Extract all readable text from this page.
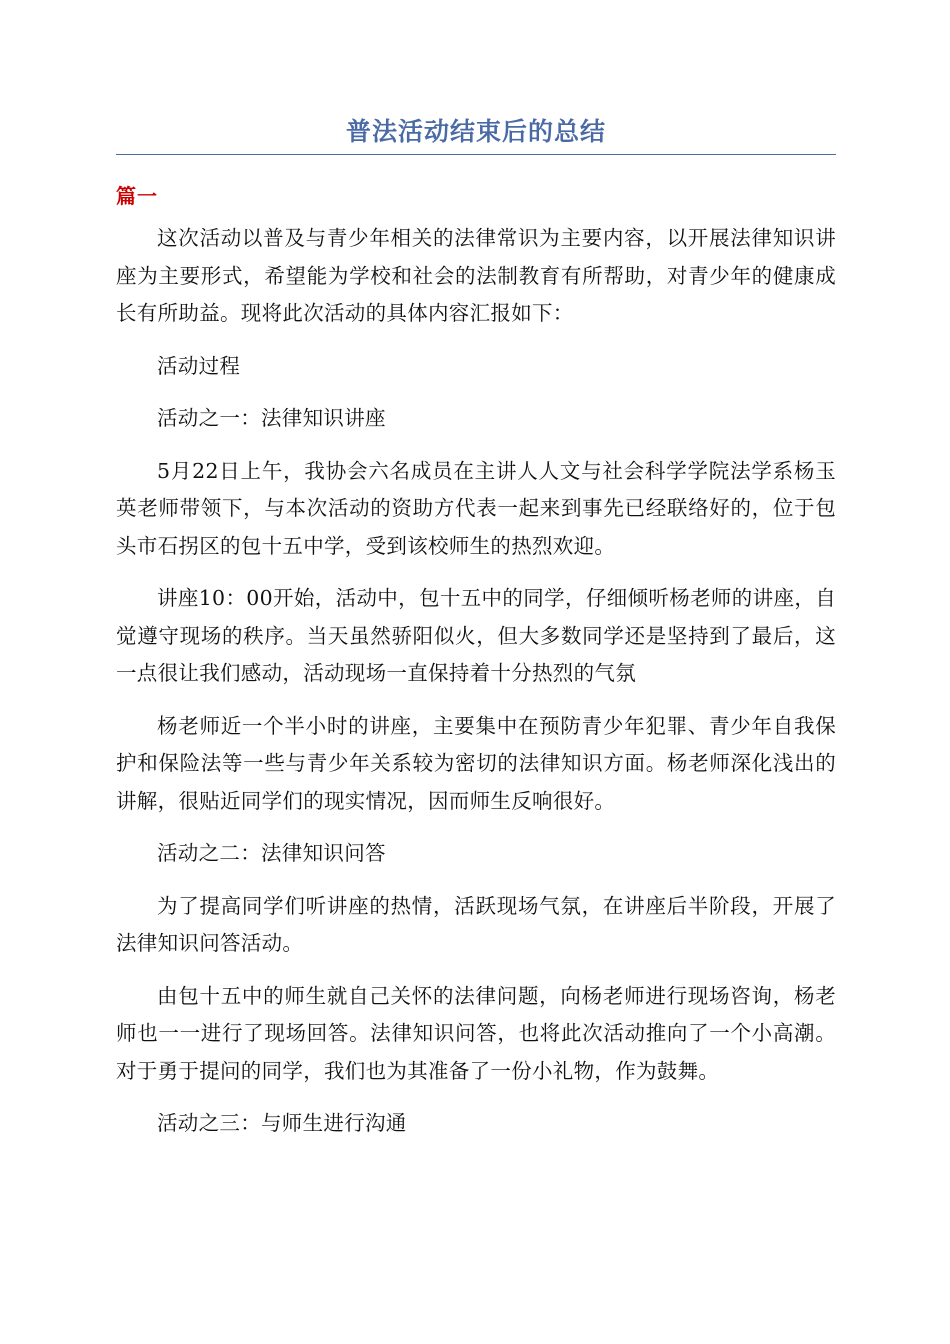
普法活动结束后的总结
篇一

这次活动以普及与青少年相关的法律常识为主要内容，以开展法律知识讲座为主要形式，希望能为学校和社会的法制教育有所帮助，对青少年的健康成长有所助益。现将此次活动的具体内容汇报如下：

活动过程

活动之一：法律知识讲座

5月22日上午，我协会六名成员在主讲人人文与社会科学学院法学系杨玉英老师带领下，与本次活动的资助方代表一起来到事先已经联络好的，位于包头市石拐区的包十五中学，受到该校师生的热烈欢迎。

讲座10：00开始，活动中，包十五中的同学，仔细倾听杨老师的讲座，自觉遵守现场的秩序。当天虽然骄阳似火，但大多数同学还是坚持到了最后，这一点很让我们感动，活动现场一直保持着十分热烈的气氛

杨老师近一个半小时的讲座，主要集中在预防青少年犯罪、青少年自我保护和保险法等一些与青少年关系较为密切的法律知识方面。杨老师深化浅出的讲解，很贴近同学们的现实情况，因而师生反响很好。

活动之二：法律知识问答

为了提高同学们听讲座的热情，活跃现场气氛，在讲座后半阶段，开展了法律知识问答活动。

由包十五中的师生就自己关怀的法律问题，向杨老师进行现场咨询，杨老师也一一进行了现场回答。法律知识问答，也将此次活动推向了一个小高潮。对于勇于提问的同学，我们也为其准备了一份小礼物，作为鼓舞。

活动之三：与师生进行沟通
